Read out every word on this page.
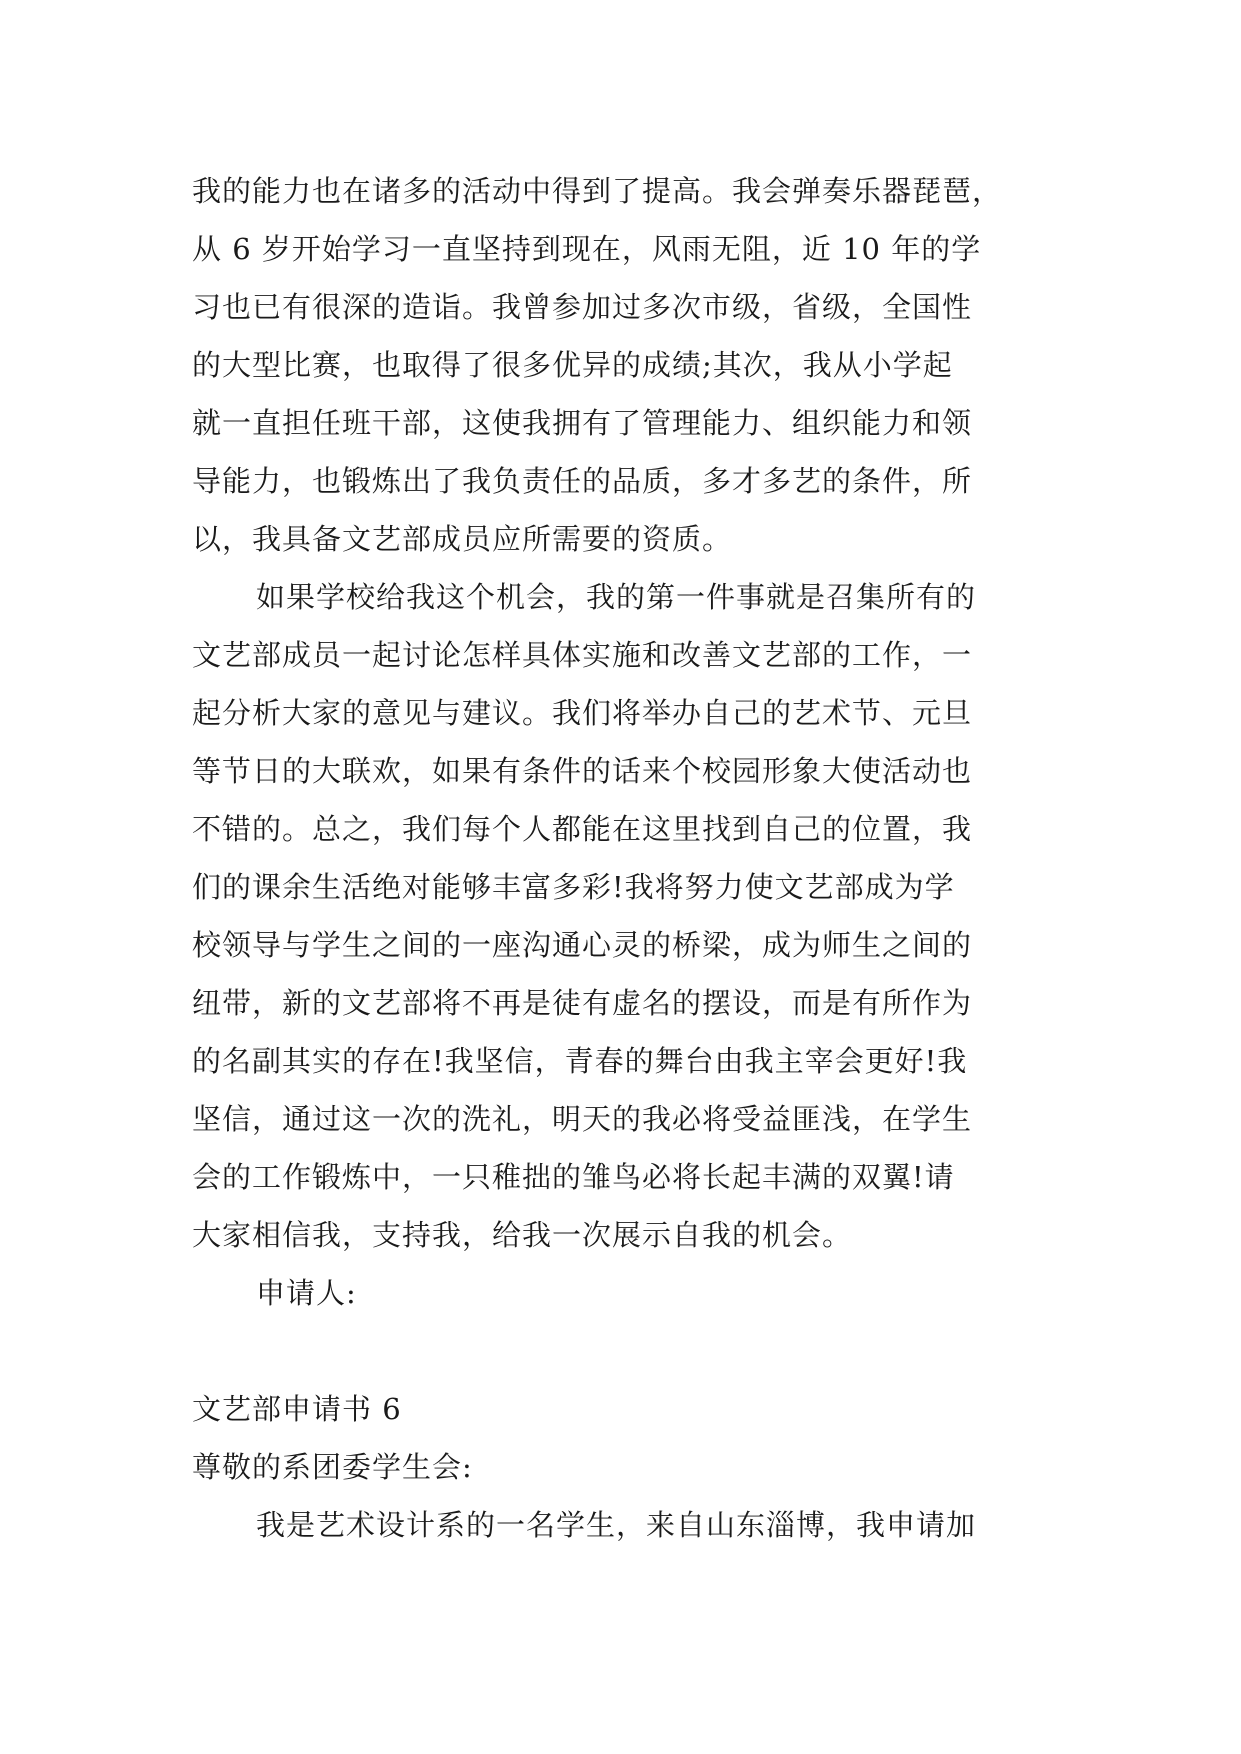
我的能力也在诸多的活动中得到了提高。我会弹奏乐器琵琶，
从 6 岁开始学习一直坚持到现在，风雨无阻，近 10 年的学
习也已有很深的造诣。我曾参加过多次市级，省级，全国性
的大型比赛，也取得了很多优异的成绩;其次，我从小学起
就一直担任班干部，这使我拥有了管理能力、组织能力和领
导能力，也锻炼出了我负责任的品质，多才多艺的条件，所
以，我具备文艺部成员应所需要的资质。
如果学校给我这个机会，我的第一件事就是召集所有的
文艺部成员一起讨论怎样具体实施和改善文艺部的工作，一
起分析大家的意见与建议。我们将举办自己的艺术节、元旦
等节日的大联欢，如果有条件的话来个校园形象大使活动也
不错的。总之，我们每个人都能在这里找到自己的位置，我
们的课余生活绝对能够丰富多彩!我将努力使文艺部成为学
校领导与学生之间的一座沟通心灵的桥梁，成为师生之间的
纽带，新的文艺部将不再是徒有虚名的摆设，而是有所作为
的名副其实的存在!我坚信，青春的舞台由我主宰会更好!我
坚信，通过这一次的洗礼，明天的我必将受益匪浅，在学生
会的工作锻炼中，一只稚拙的雏鸟必将长起丰满的双翼!请
大家相信我，支持我，给我一次展示自我的机会。
申请人:
文艺部申请书 6
尊敬的系团委学生会:
我是艺术设计系的一名学生，来自山东淄博，我申请加
